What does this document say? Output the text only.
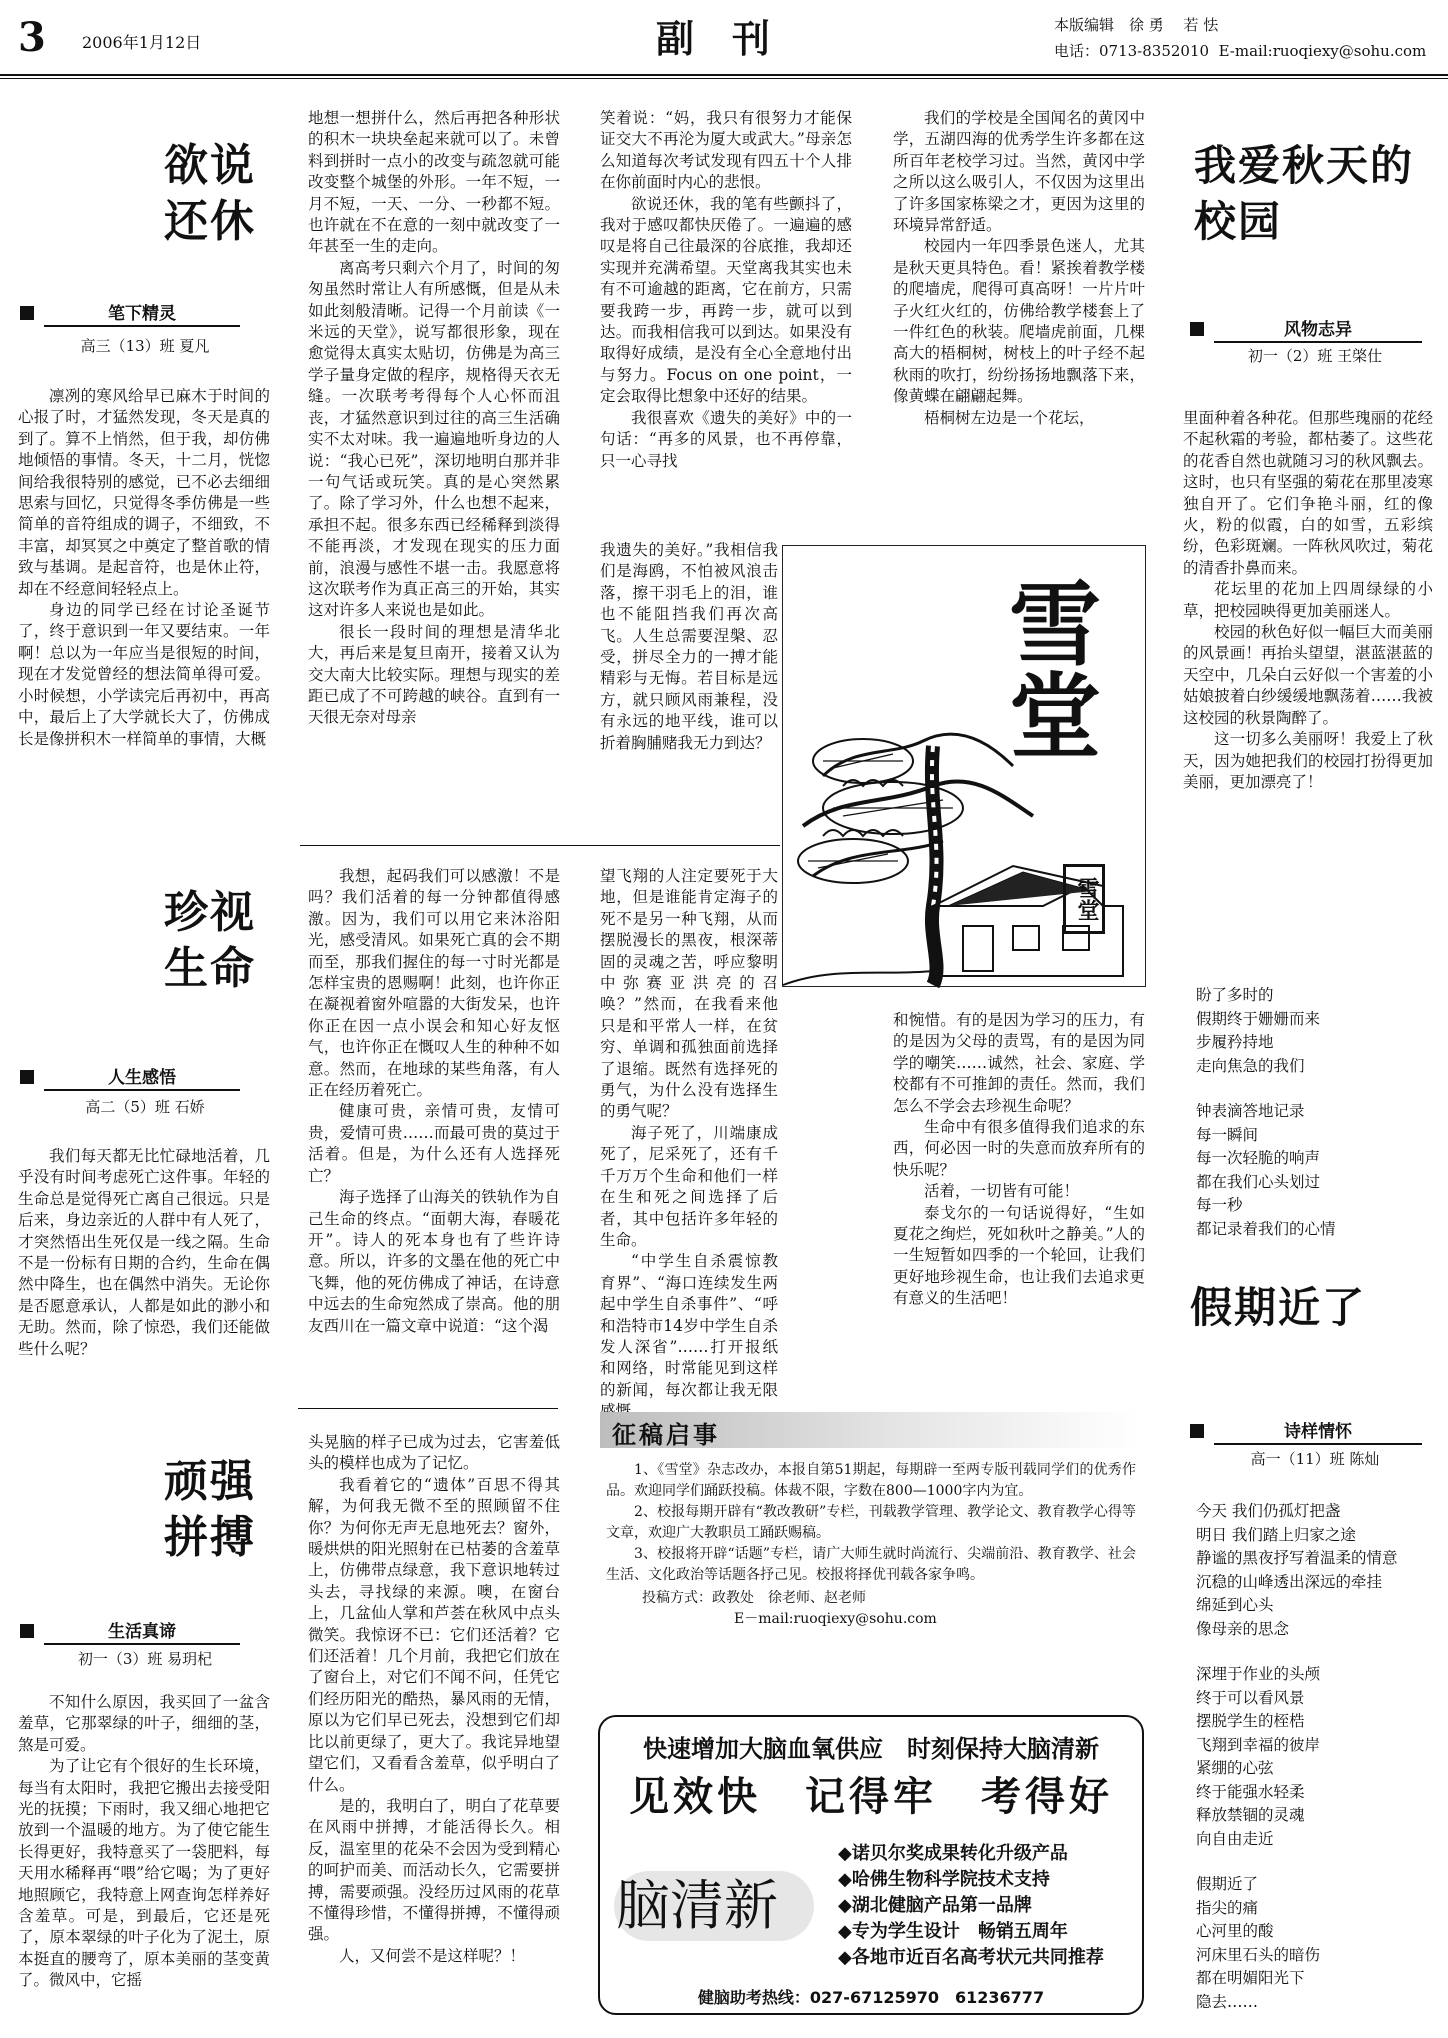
3 2006年1月12日	副　刊	本版编辑　徐 勇　 若 怯
电话：0713-8352010  E-mail:ruoqiexy@sohu.com
欲说
还休
笔下精灵
高三（13）班 夏凡

凛冽的寒风给早已麻木于时间的心报了时，才猛然发现，冬天是真的到了。算不上悄然，但于我，却仿佛地倾悟的事情。冬天，十二月，恍惚间给我很特别的感觉，已不必去细细思索与回忆，只觉得冬季仿佛是一些简单的音符组成的调子，不细致，不丰富，却冥冥之中奠定了整首歌的情致与基调。是起音符，也是休止符，却在不经意间轻轻点上。

身边的同学已经在讨论圣诞节了，终于意识到一年又要结束。一年啊！总以为一年应当是很短的时间，现在才发觉曾经的想法简单得可爱。小时候想，小学读完后再初中，再高中，最后上了大学就长大了，仿佛成长是像拼积木一样简单的事情，大概

地想一想拼什么，然后再把各种形状的积木一块块垒起来就可以了。未曾料到拼时一点小的改变与疏忽就可能改变整个城堡的外形。一年不短，一月不短，一天、一分、一秒都不短。也许就在不在意的一刻中就改变了一年甚至一生的走向。

离高考只剩六个月了，时间的匆匆虽然时常让人有所感慨，但是从未如此刻般清晰。记得一个月前读《一米远的天堂》，说写都很形象，现在愈觉得太真实太贴切，仿佛是为高三学子量身定做的程序，规格得天衣无缝。一次联考考得每个人心怀而沮丧，才猛然意识到过往的高三生活确实不太对味。我一遍遍地听身边的人说：“我心已死”，深切地明白那并非一句气话或玩笑。真的是心突然累了。除了学习外，什么也想不起来，承担不起。很多东西已经稀释到淡得不能再淡，才发现在现实的压力面前，浪漫与感性不堪一击。我愿意将这次联考作为真正高三的开始，其实这对许多人来说也是如此。

很长一段时间的理想是清华北大，再后来是复旦南开，接着又认为交大南大比较实际。理想与现实的差距已成了不可跨越的峡谷。直到有一天很无奈对母亲

笑着说：“妈，我只有很努力才能保证交大不再沦为厦大或武大。”母亲怎么知道每次考试发现有四五十个人排在你前面时内心的悲恨。

欲说还休，我的笔有些颤抖了，我对于感叹都快厌倦了。一遍遍的感叹是将自己往最深的谷底推，我却还实现并充满希望。天堂离我其实也未有不可逾越的距离，它在前方，只需要我跨一步，再跨一步，就可以到达。而我相信我可以到达。如果没有取得好成绩，是没有全心全意地付出与努力。Focus on one point，一定会取得比想象中还好的结果。

我很喜欢《遗失的美好》中的一句话：“再多的风景，也不再停靠，只一心寻找

我遗失的美好。”我相信我们是海鸥，不怕被风浪击落，擦干羽毛上的泪，谁也不能阻挡我们再次高飞。人生总需要涅槃、忍受，拼尽全力的一搏才能精彩与无悔。若目标是远方，就只顾风雨兼程，没有永远的地平线，谁可以折着胸脯赌我无力到达？ 雪堂
雪堂

我们的学校是全国闻名的黄冈中学，五湖四海的优秀学生许多都在这所百年老校学习过。当然，黄冈中学之所以这么吸引人，不仅因为这里出了许多国家栋梁之才，更因为这里的环境异常舒适。

校园内一年四季景色迷人，尤其是秋天更具特色。看！紧挨着教学楼的爬墙虎，爬得可真高呀！一片片叶子火红火红的，仿佛给教学楼套上了一件红色的秋装。爬墙虎前面，几棵高大的梧桐树，树枝上的叶子经不起秋雨的吹打，纷纷扬扬地飘落下来，像黄蝶在翩翩起舞。

梧桐树左边是一个花坛，

我爱秋天的
校园
风物志异
初一（2）班 王棨仕

里面种着各种花。但那些瑰丽的花经不起秋霜的考验，都枯萎了。这些花的花香自然也就随习习的秋风飘去。这时，也只有坚强的菊花在那里凌寒独自开了。它们争艳斗丽，红的像火，粉的似霞，白的如雪，五彩缤纷，色彩斑斓。一阵秋风吹过，菊花的清香扑鼻而来。

花坛里的花加上四周绿绿的小草，把校园映得更加美丽迷人。

校园的秋色好似一幅巨大而美丽的风景画！再抬头望望，湛蓝湛蓝的天空中，几朵白云好似一个害羞的小姑娘披着白纱缓缓地飘荡着……我被这校园的秋景陶醉了。

这一切多么美丽呀！我爱上了秋天，因为她把我们的校园打扮得更加美丽，更加漂亮了！

珍视
生命
人生感悟
高二（5）班 石娇

我们每天都无比忙碌地活着，几乎没有时间考虑死亡这件事。年轻的生命总是觉得死亡离自己很远。只是后来，身边亲近的人群中有人死了，才突然悟出生死仅是一线之隔。生命不是一份标有日期的合约，生命在偶然中降生，也在偶然中消失。无论你是否愿意承认，人都是如此的渺小和无助。然而，除了惊恐，我们还能做些什么呢？

我想，起码我们可以感激！不是吗？我们活着的每一分钟都值得感激。因为，我们可以用它来沐浴阳光，感受清风。如果死亡真的会不期而至，那我们握住的每一寸时光都是怎样宝贵的恩赐啊！此刻，也许你正在凝视着窗外喧嚣的大街发呆，也许你正在因一点小误会和知心好友怄气，也许你正在慨叹人生的种种不如意。然而，在地球的某些角落，有人正在经历着死亡。

健康可贵，亲情可贵，友情可贵，爱情可贵……而最可贵的莫过于活着。但是，为什么还有人选择死亡？

海子选择了山海关的铁轨作为自己生命的终点。“面朝大海，春暖花开”。诗人的死本身也有了些许诗意。所以，许多的文墨在他的死亡中飞舞，他的死仿佛成了神话，在诗意中远去的生命宛然成了崇高。他的朋友西川在一篇文章中说道：“这个渴

望飞翔的人注定要死于大地，但是谁能肯定海子的死不是另一种飞翔，从而摆脱漫长的黑夜，根深蒂固的灵魂之苦，呼应黎明中弥赛亚洪亮的召唤？”然而，在我看来他只是和平常人一样，在贫穷、单调和孤独面前选择了退缩。既然有选择死的勇气，为什么没有选择生的勇气呢？

海子死了，川端康成死了，尼采死了，还有千千万万个生命和他们一样在生和死之间选择了后者，其中包括许多年轻的生命。

“中学生自杀震惊教育界”、“海口连续发生两起中学生自杀事件”、“呼和浩特市14岁中学生自杀发人深省”……打开报纸和网络，时常能见到这样的新闻，每次都让我无限

和惋惜。有的是因为学习的压力，有的是因为父母的责骂，有的是因为同学的嘲笑……诚然，社会、家庭、学校都有不可推卸的责任。然而，我们怎么不学会去珍视生命呢？

生命中有很多值得我们追求的东西，何必因一时的失意而放弃所有的快乐呢？

活着，一切皆有可能！

泰戈尔的一句话说得好，“生如夏花之绚烂，死如秋叶之静美。”人的一生短暂如四季的一个轮回，让我们更好地珍视生命，也让我们去追求更有意义的生活吧！

盼了多时的
假期终于姗姗而来
步履矜持地
走向焦急的我们
钟表滴答地记录
每一瞬间
每一次轻脆的响声
都在我们心头划过
每一秒
都记录着我们的心情
假期近了
诗样情怀
高一（11）班 陈灿
今天 我们仍孤灯把盏
明日 我们踏上归家之途
静谧的黑夜抒写着温柔的情意
沉稳的山峰透出深远的牵挂
绵延到心头
像母亲的思念
深埋于作业的头颅
终于可以看风景
摆脱学生的桎梏
飞翔到幸福的彼岸
紧绷的心弦
终于能强水轻柔
释放禁锢的灵魂
向自由走近
假期近了
指尖的痛
心河里的酸
河床里石头的暗伤
都在明媚阳光下
隐去……
顽强
拼搏
生活真谛
初一（3）班 易玥杞

不知什么原因，我买回了一盆含羞草，它那翠绿的叶子，细细的茎，煞是可爱。

为了让它有个很好的生长环境，每当有太阳时，我把它搬出去接受阳光的抚摸；下雨时，我又细心地把它放到一个温暖的地方。为了使它能生长得更好，我特意买了一袋肥料，每天用水稀释再“喂”给它喝；为了更好地照顾它，我特意上网查询怎样养好含羞草。可是，到最后，它还是死了，原本翠绿的叶子化为了泥土，原本挺直的腰弯了，原本美丽的茎变黄了。微风中，它摇

头晃脑的样子已成为过去，它害羞低头的模样也成为了记忆。

我看着它的“遗体”百思不得其解，为何我无微不至的照顾留不住你？为何你无声无息地死去？窗外，暖烘烘的阳光照射在已枯萎的含羞草上，仿佛带点绿意，我下意识地转过头去，寻找绿的来源。噢，在窗台上，几盆仙人掌和芦荟在秋风中点头微笑。我惊讶不已：它们还活着？它们还活着！几个月前，我把它们放在了窗台上，对它们不闻不问，任凭它们经历阳光的酷热，暴风雨的无情，原以为它们早已死去，没想到它们却比以前更绿了，更大了。我诧异地望望它们，又看看含羞草，似乎明白了什么。

是的，我明白了，明白了花草要在风雨中拼搏，才能活得长久。相反，温室里的花朵不会因为受到精心的呵护而美、而活动长久，它需要拼搏，需要顽强。没经历过风雨的花草不懂得珍惜，不懂得拼搏，不懂得顽强。

人，又何尝不是这样呢？！

征稿启事

1、《雪堂》杂志改办，本报自第51期起，每期辟一至两专版刊载同学们的优秀作品。欢迎同学们踊跃投稿。体裁不限，字数在800—1000字内为宜。

2、校报每期开辟有“教改教研”专栏，刊载教学管理、教学论文、教育教学心得等文章，欢迎广大教职员工踊跃赐稿。

3、校报将开辟“话题”专栏，请广大师生就时尚流行、尖端前沿、教育教学、社会生活、文化政治等话题各抒己见。校报将择优刊载各家争鸣。

投稿方式：政教处　徐老师、赵老师

E－mail:ruoqiexy@sohu.com

快速增加大脑血氧供应　时刻保持大脑清新
见效快　记得牢　考得好
脑清新
◆诺贝尔奖成果转化升级产品
◆哈佛生物科学院技术支持
◆湖北健脑产品第一品牌
◆专为学生设计　畅销五周年
◆各地市近百名高考状元共同推荐
健脑助考热线：027-67125970　61236777
